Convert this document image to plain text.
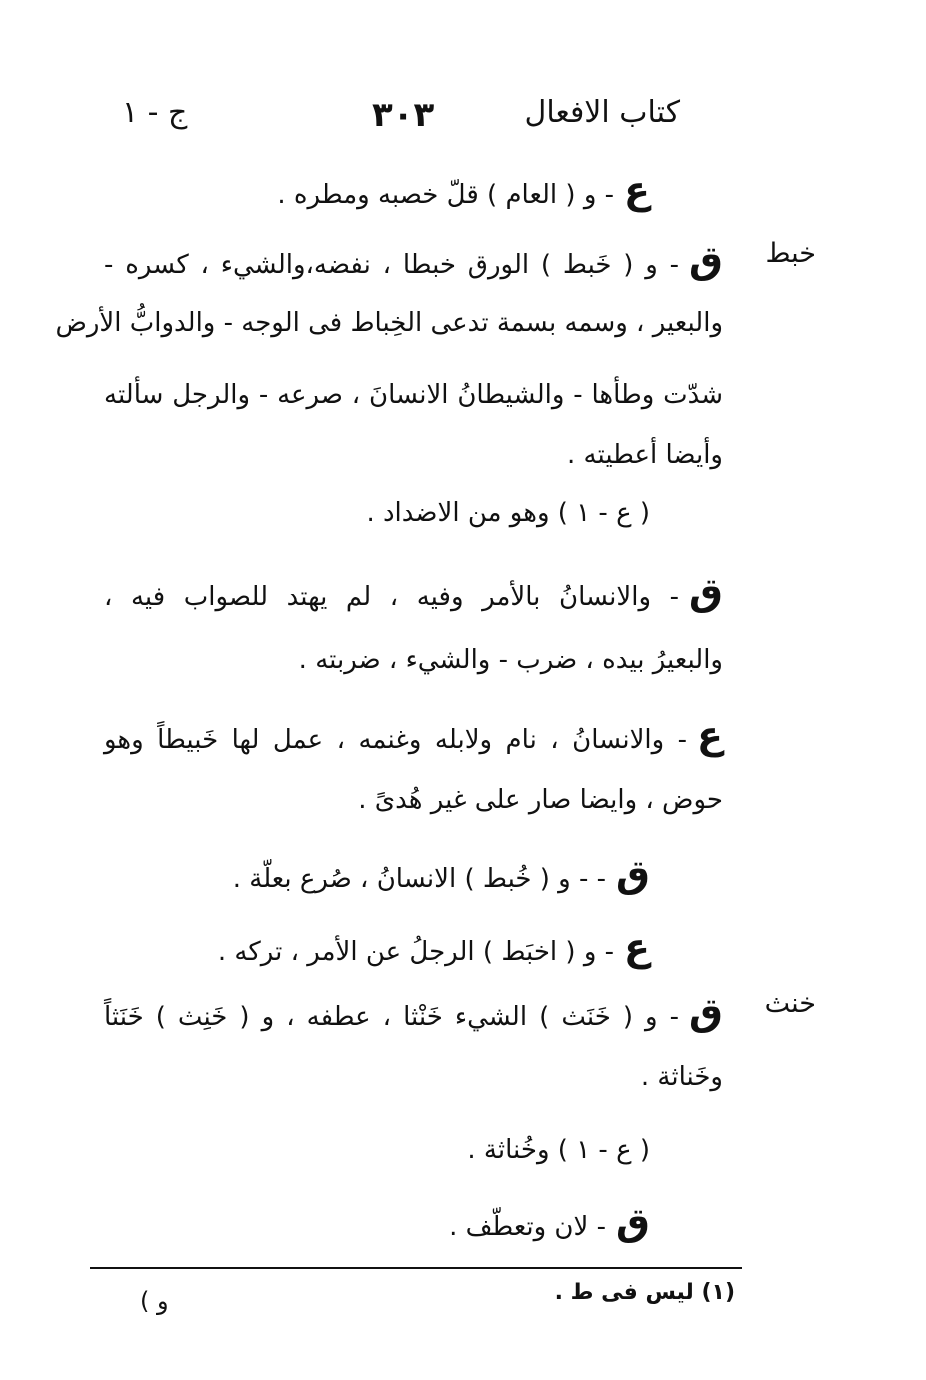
كتاب الافعال
٣٠٣
ج - ١
خبط
خنث
ع- و ( العام ) قلّ خصبه ومطره .
ق- و ( خَبط ) الورق خبطا ، نفضه،والشيء ، كسره -
والبعير ، وسمه بسمة تدعى الخِباط فى الوجه - والدوابُّ الأرض
شدّت وطأها - والشيطانُ الانسانَ ، صرعه - والرجل سألته
وأيضا أعطيته .
( ع - ١ ) وهو من الاضداد .
ق- والانسانُ بالأمر وفيه ، لم يهتد للصواب فيه ،
والبعيرُ بيده ، ضرب - والشيء ، ضربته .
ع- والانسانُ ، نام ولابله وغنمه ، عمل لها خَبيطاً وهو
حوض ، وايضا صار على غير هُدىً .
ق- - و ( خُبط ) الانسانُ ، صُرع بعلّة .
ع- و ( اخبَط ) الرجلُ عن الأمر ، تركه .
ق- و ( خَنَث ) الشيء خَنْثا ، عطفه ، و ( خَنِث ) خَنَثاً
وخَناثة .
( ع - ١ ) وخُناثة .
ق- لان وتعطّف .
(١) ليس فى ط .
و )
